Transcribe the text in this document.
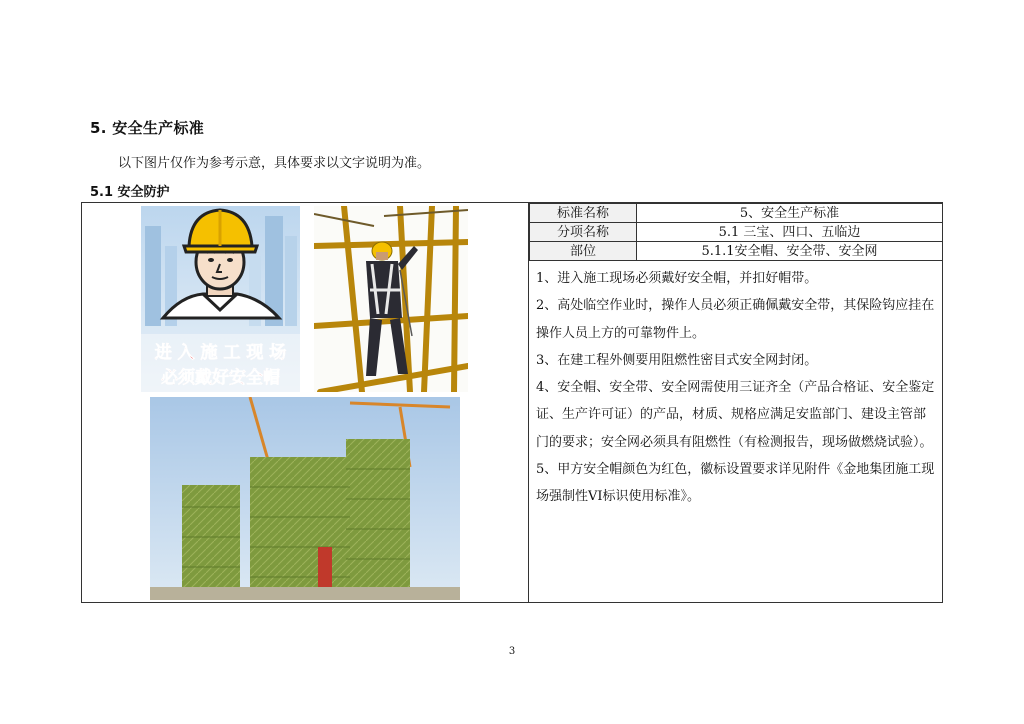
5. 安全生产标准
以下图片仅作为参考示意，具体要求以文字说明为准。
5.1 安全防护
进 入 施 工 现 场
必须戴好安全帽
标准名称	5、安全生产标准
分项名称	5.1 三宝、四口、五临边
部位	5.1.1安全帽、安全带、安全网

1、进入施工现场必须戴好安全帽，并扣好帽带。

2、高处临空作业时，操作人员必须正确佩戴安全带，其保险钩应挂在操作人员上方的可靠物件上。

3、在建工程外侧要用阻燃性密目式安全网封闭。

4、安全帽、安全带、安全网需使用三证齐全（产品合格证、安全鉴定证、生产许可证）的产品，材质、规格应满足安监部门、建设主管部门的要求；安全网必须具有阻燃性（有检测报告，现场做燃烧试验）。

5、甲方安全帽颜色为红色，徽标设置要求详见附件《金地集团施工现场强制性VI标识使用标准》。

3
